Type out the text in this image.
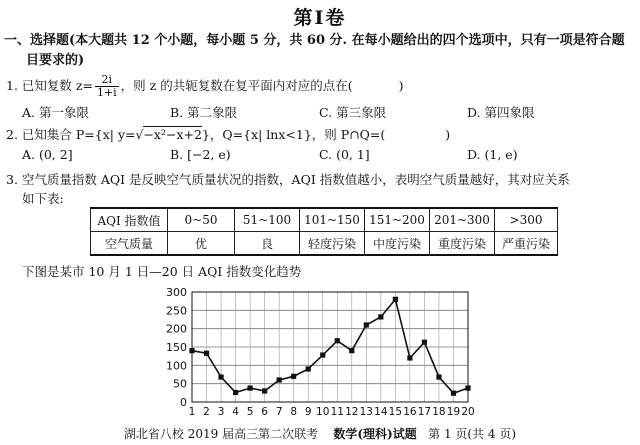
第Ⅰ卷
一、选择题(本大题共 12 个小题，每小题 5 分，共 60 分. 在每小题给出的四个选项中，只有一项是符合题
目要求的)
1. 已知复数 $z= \frac{2i}{1+i}$ ，则 z 的共轭复数在复平面内对应的点在(	)
A. 第一象限	B. 第二象限	C. 第三象限	D. 第四象限
2. 已知集合 P={x| y=√−x²−x+2}，Q={x| lnx<1}，则 P∩Q=(	)
A. (0, 2]	B. [−2, e)	C. (0, 1]	D. (1, e)
3. 空气质量指数 AQI 是反映空气质量状况的指数，AQI 指数值越小，表明空气质量越好，其对应关系
如下表:
AQI 指数值	0~50	51~100	101~150	151~200	201~300	>300
空气质量	优	良	轻度污染	中度污染	重度污染	严重污染
下图是某市 10 月 1 日—20 日 AQI 指数变化趋势
0
50
100
150
200
250
300
1 2 3 4 5 6 7 8 9 10 11 12 13 14 15 16 17 18 19 20
湖北省八校 2019 届高三第二次联考 数学(理科)试题 第 1 页(共 4 页)
